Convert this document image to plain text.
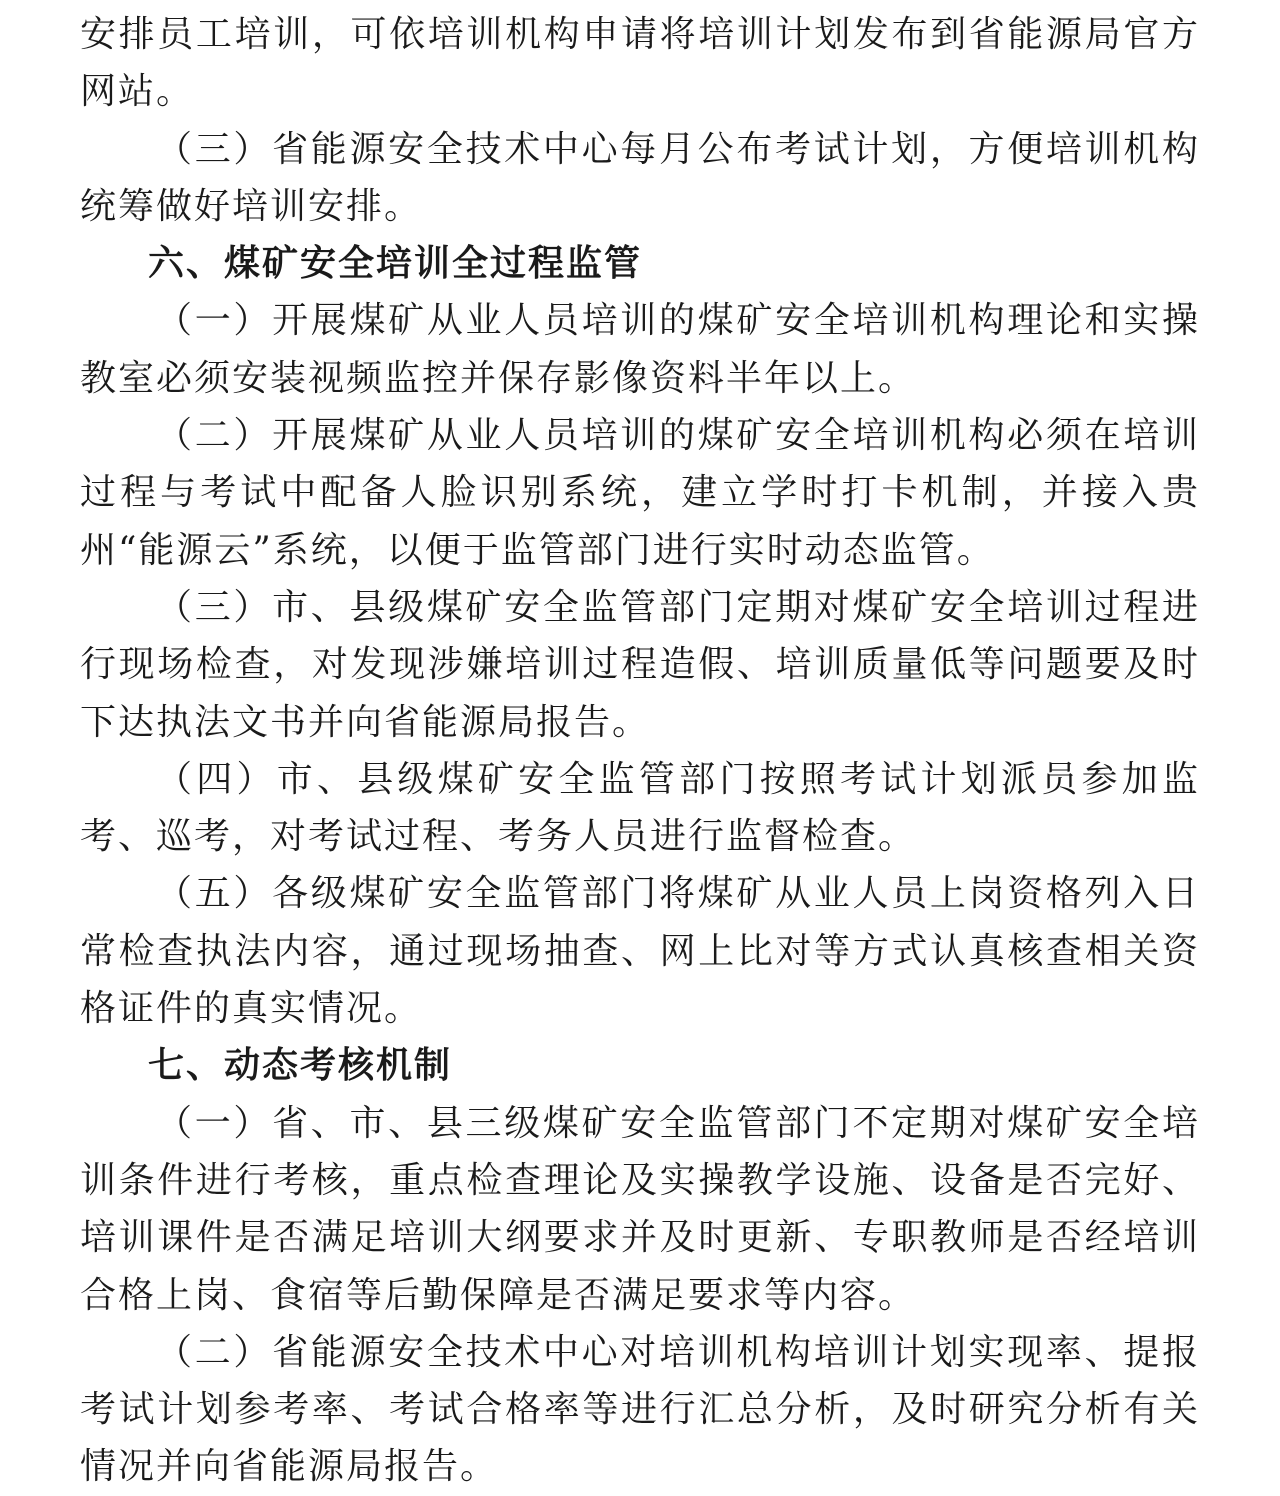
安排员工培训，可依培训机构申请将培训计划发布到省能源局官方网站。

（三）省能源安全技术中心每月公布考试计划，方便培训机构统筹做好培训安排。

六、煤矿安全培训全过程监管

（一）开展煤矿从业人员培训的煤矿安全培训机构理论和实操教室必须安装视频监控并保存影像资料半年以上。

（二）开展煤矿从业人员培训的煤矿安全培训机构必须在培训过程与考试中配备人脸识别系统，建立学时打卡机制，并接入贵州“能源云”系统，以便于监管部门进行实时动态监管。

（三）市、县级煤矿安全监管部门定期对煤矿安全培训过程进行现场检查，对发现涉嫌培训过程造假、培训质量低等问题要及时下达执法文书并向省能源局报告。

（四）市、县级煤矿安全监管部门按照考试计划派员参加监考、巡考，对考试过程、考务人员进行监督检查。

（五）各级煤矿安全监管部门将煤矿从业人员上岗资格列入日常检查执法内容，通过现场抽查、网上比对等方式认真核查相关资格证件的真实情况。

七、动态考核机制

（一）省、市、县三级煤矿安全监管部门不定期对煤矿安全培训条件进行考核，重点检查理论及实操教学设施、设备是否完好、培训课件是否满足培训大纲要求并及时更新、专职教师是否经培训合格上岗、食宿等后勤保障是否满足要求等内容。

（二）省能源安全技术中心对培训机构培训计划实现率、提报考试计划参考率、考试合格率等进行汇总分析，及时研究分析有关情况并向省能源局报告。
